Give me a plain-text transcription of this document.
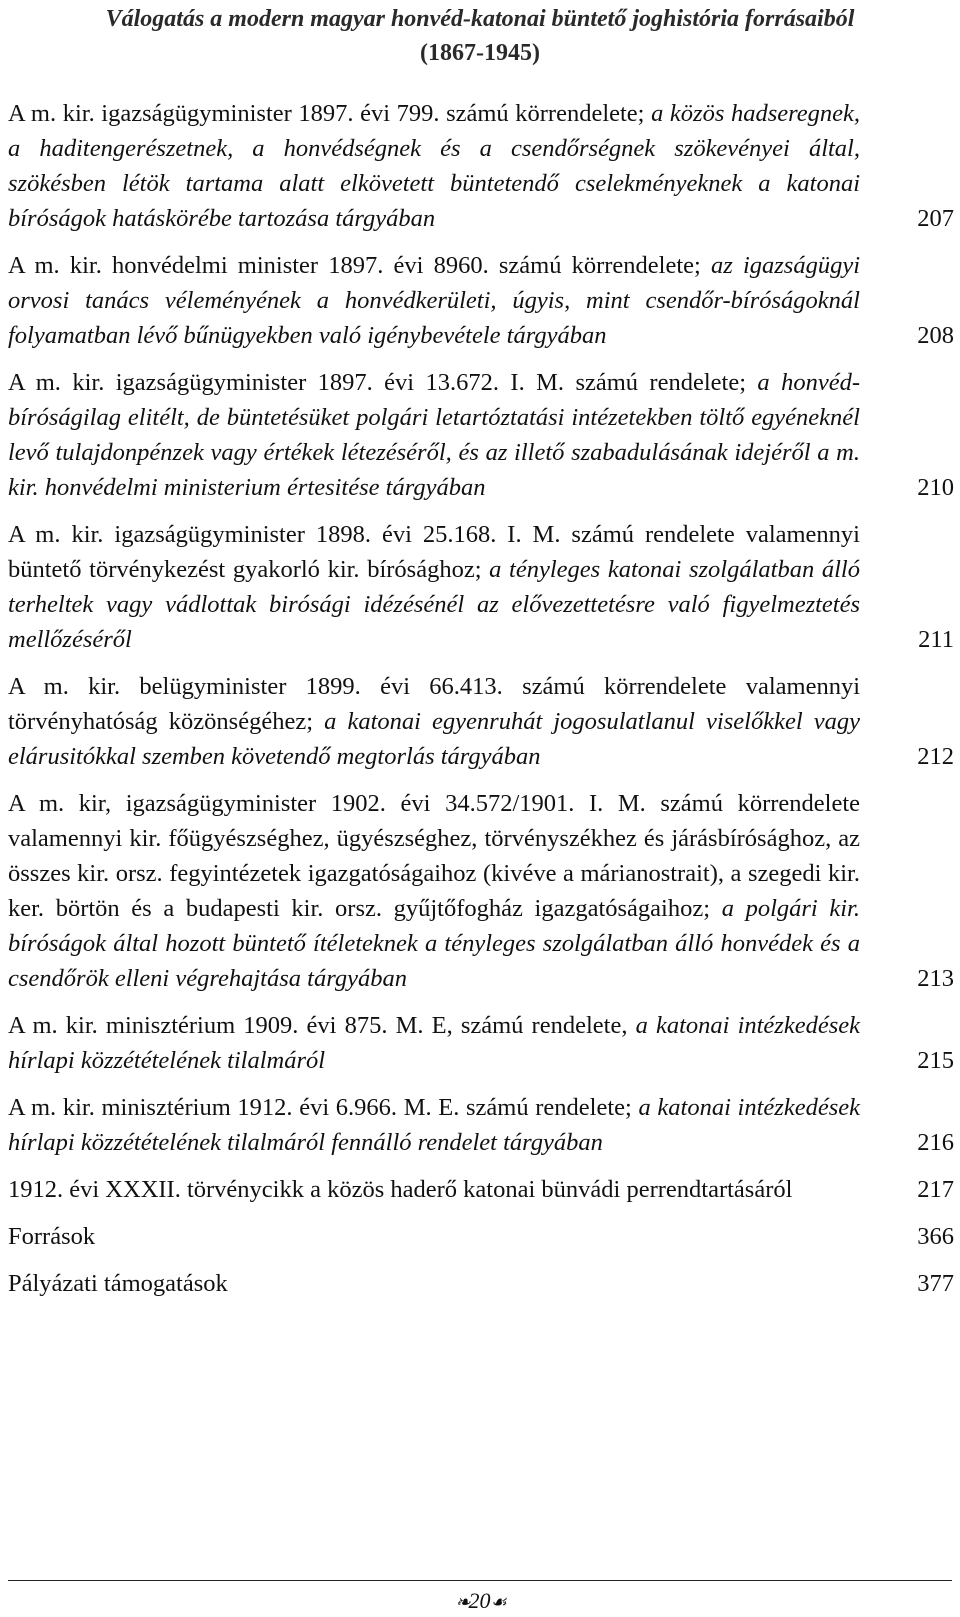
Válogatás a modern magyar honvéd-katonai büntető joghistória forrásaiból
(1867-1945)
A m. kir. igazságügyminister 1897. évi 799. számú körrendelete; a közös hadseregnek, a haditengerészetnek, a honvédségnek és a csendőrségnek szökevényei által, szökésben létök tartama alatt elkövetett büntetendő cselekményeknek a katonai bíróságok hatáskörébe tartozása tárgyában	207
A m. kir. honvédelmi minister 1897. évi 8960. számú körrendelete; az igazságügyi orvosi tanács véleményének a honvédkerületi, úgyis, mint csendőr-bíróságoknál folyamatban lévő bűnügyekben való igénybevétele tárgyában	208
A m. kir. igazságügyminister 1897. évi 13.672. I. M. számú rendelete; a honvéd-bíróságilag elitélt, de büntetésüket polgári letartóztatási intézetekben töltő egyéneknél levő tulajdonpénzek vagy értékek létezéséről, és az illető szabadulásának idejéről a m. kir. honvédelmi ministerium értesitése tárgyában	210
A m. kir. igazságügyminister 1898. évi 25.168. I. M. számú rendelete valamennyi büntető törvénykezést gyakorló kir. bírósághoz; a tényleges katonai szolgálatban álló terheltek vagy vádlottak birósági idézésénél az elővezettetésre való figyelmeztetés mellőzéséről	211
A m. kir. belügyminister 1899. évi 66.413. számú körrendelete valamennyi törvényhatóság közönségéhez; a katonai egyenruhát jogosulatlanul viselőkkel vagy elárusitókkal szemben követendő megtorlás tárgyában	212
A m. kir, igazságügyminister 1902. évi 34.572/1901. I. M. számú körrendelete valamennyi kir. főügyészséghez, ügyészséghez, törvényszékhez és járásbírósághoz, az összes kir. orsz. fegyintézetek igazgatóságaihoz (kivéve a márianostrait), a szegedi kir. ker. börtön és a budapesti kir. orsz. gyűjtőfogház igazgatóságaihoz; a polgári kir. bíróságok által hozott büntető ítéleteknek a tényleges szolgálatban álló honvédek és a csendőrök elleni végrehajtása tárgyában	213
A m. kir. minisztérium 1909. évi 875. M. E, számú rendelete, a katonai intézkedések hírlapi közzétételének tilalmáról	215
A m. kir. minisztérium 1912. évi 6.966. M. E. számú rendelete; a katonai intézkedések hírlapi közzétételének tilalmáról fennálló rendelet tárgyában	216
1912. évi XXXII. törvénycikk a közös haderő katonai bünvádi perrendtartásáról	217
Források	366
Pályázati támogatások	377
❧20☙
